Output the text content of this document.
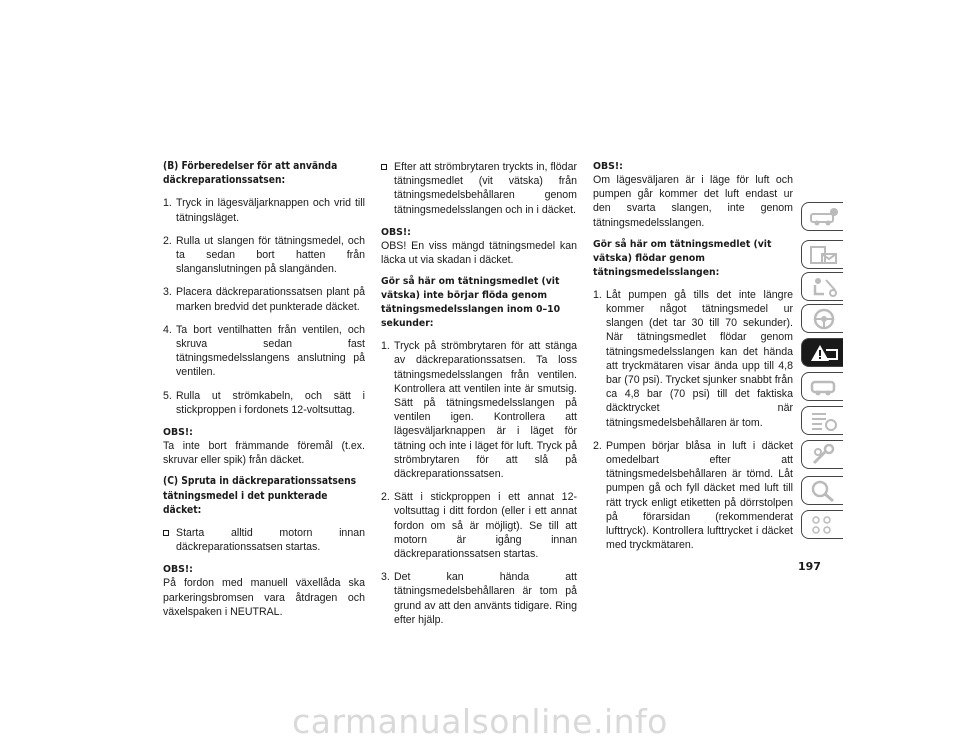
(B) Förberedelser för att använda däckreparationssatsen:
1. Tryck in lägesväljarknappen och vrid till tätningsläget.
2. Rulla ut slangen för tätningsmedel, och ta sedan bort hatten från slanganslutningen på slangänden.
3. Placera däckreparationssatsen plant på marken bredvid det punkterade däcket.
4. Ta bort ventilhatten från ventilen, och skruva sedan fast tätningsmedelsslangens anslutning på ventilen.
5. Rulla ut strömkabeln, och sätt i stickproppen i fordonets 12-voltsuttag.
OBS!:

Ta inte bort främmande föremål (t.ex. skruvar eller spik) från däcket.

(C) Spruta in däckreparationssatsens tätningsmedel i det punkterade däcket:
Starta alltid motorn innan däckreparationssatsen startas.
OBS!:

På fordon med manuell växellåda ska parkeringsbromsen vara åtdragen och växelspaken i NEUTRAL.

Efter att strömbrytaren tryckts in, flödar tätningsmedlet (vit vätska) från tätningsmedelsbehållaren genom tätningsmedelsslangen och in i däcket.
OBS!:

OBS! En viss mängd tätningsmedel kan läcka ut via skadan i däcket.

Gör så här om tätningsmedlet (vit vätska) inte börjar flöda genom tätningsmedelsslangen inom 0–10 sekunder:
1. Tryck på strömbrytaren för att stänga av däckreparationssatsen. Ta loss tätningsmedelsslangen från ventilen. Kontrollera att ventilen inte är smutsig. Sätt på tätningsmedelsslangen på ventilen igen. Kontrollera att lägesväljarknappen är i läget för tätning och inte i läget för luft. Tryck på strömbrytaren för att slå på däckreparationssatsen.
2. Sätt i stickproppen i ett annat 12-voltsuttag i ditt fordon (eller i ett annat fordon om så är möjligt). Se till att motorn är igång innan däckreparationssatsen startas.
3. Det kan hända att tätningsmedelsbehållaren är tom på grund av att den använts tidigare. Ring efter hjälp.
OBS!:

Om lägesväljaren är i läge för luft och pumpen går kommer det luft endast ur den svarta slangen, inte genom tätningsmedelsslangen.

Gör så här om tätningsmedlet (vit vätska) flödar genom tätningsmedelsslangen:
1. Låt pumpen gå tills det inte längre kommer något tätningsmedel ur slangen (det tar 30 till 70 sekunder). När tätningsmedlet flödar genom tätningsmedelsslangen kan det hända att tryckmätaren visar ända upp till 4,8 bar (70 psi). Trycket sjunker snabbt från ca 4,8 bar (70 psi) till det faktiska däcktrycket när tätningsmedelsbehållaren är tom.
2. Pumpen börjar blåsa in luft i däcket omedelbart efter att tätningsmedelsbehållaren är tömd. Låt pumpen gå och fyll däcket med luft till rätt tryck enligt etiketten på dörrstolpen på förarsidan (rekommenderat lufttryck). Kontrollera lufttrycket i däcket med tryckmätaren.
197
carmanualsonline.info
